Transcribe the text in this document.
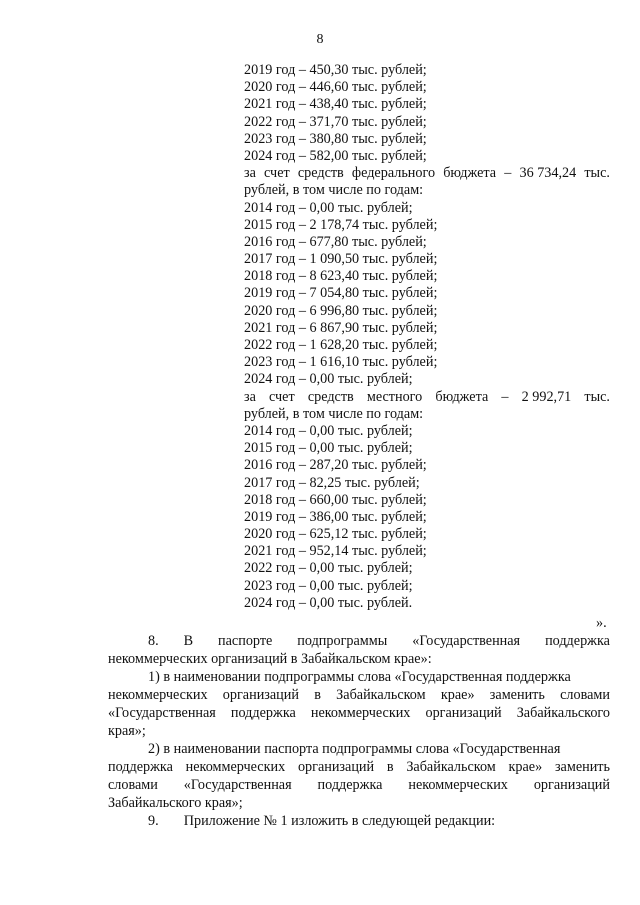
8
2019 год – 450,30 тыс. рублей;
2020 год – 446,60 тыс. рублей;
2021 год – 438,40 тыс. рублей;
2022 год – 371,70 тыс. рублей;
2023 год – 380,80 тыс. рублей;
2024 год – 582,00 тыс. рублей;
за счет средств федерального бюджета – 36 734,24 тыс.
рублей, в том числе по годам:
2014 год – 0,00 тыс. рублей;
2015 год – 2 178,74 тыс. рублей;
2016 год – 677,80 тыс. рублей;
2017 год – 1 090,50 тыс. рублей;
2018 год – 8 623,40 тыс. рублей;
2019 год – 7 054,80 тыс. рублей;
2020 год – 6 996,80 тыс. рублей;
2021 год – 6 867,90 тыс. рублей;
2022 год – 1 628,20 тыс. рублей;
2023 год – 1 616,10 тыс. рублей;
2024 год – 0,00 тыс. рублей;
за счет средств местного бюджета – 2 992,71 тыс.
рублей, в том числе по годам:
2014 год – 0,00 тыс. рублей;
2015 год – 0,00 тыс. рублей;
2016 год – 287,20 тыс. рублей;
2017 год – 82,25 тыс. рублей;
2018 год – 660,00 тыс. рублей;
2019 год – 386,00 тыс. рублей;
2020 год – 625,12 тыс. рублей;
2021 год – 952,14 тыс. рублей;
2022 год – 0,00 тыс. рублей;
2023 год – 0,00 тыс. рублей;
2024 год – 0,00 тыс. рублей.
».
8. В паспорте подпрограммы «Государственная поддержка
некоммерческих организаций в Забайкальском крае»:
1) в наименовании подпрограммы слова «Государственная поддержка
некоммерческих организаций в Забайкальском крае» заменить словами
«Государственная поддержка некоммерческих организаций Забайкальского
края»;
2) в наименовании паспорта подпрограммы слова «Государственная
поддержка некоммерческих организаций в Забайкальском крае» заменить
словами «Государственная поддержка некоммерческих организаций
Забайкальского края»;
9. Приложение № 1 изложить в следующей редакции:
